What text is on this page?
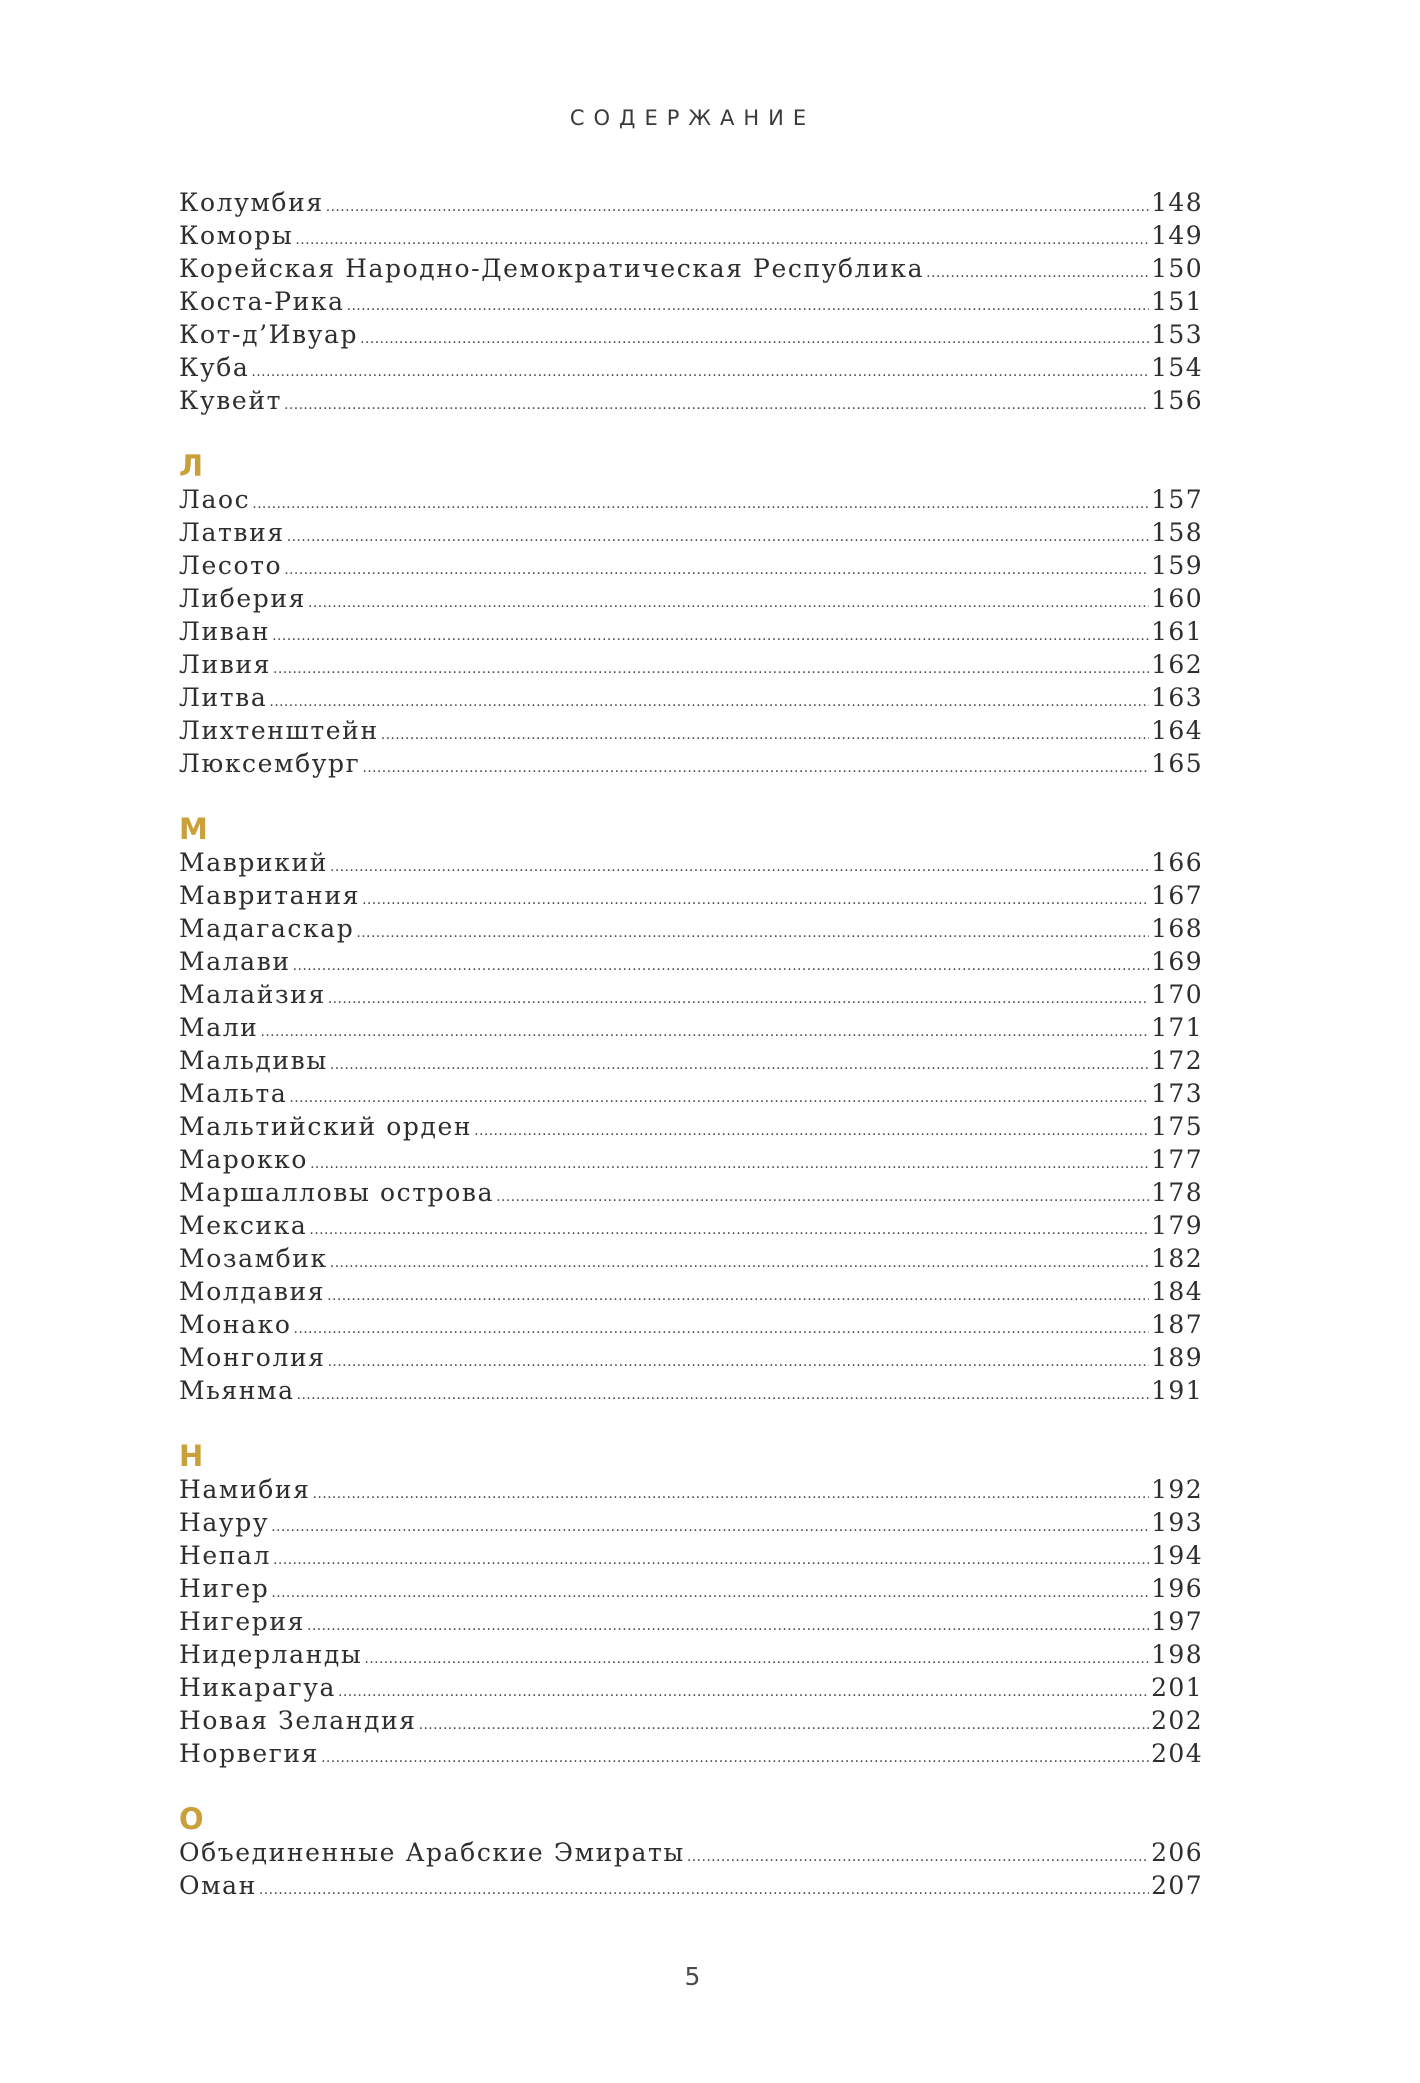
СОДЕРЖАНИЕ
Колумбия .....	148
Коморы .....	149
Корейская Народно-Демократическая Республика .....	150
Коста-Рика .....	151
Кот-д’Ивуар .....	153
Куба .....	154
Кувейт .....	156
Л
Лаос .....	157
Латвия .....	158
Лесото .....	159
Либерия .....	160
Ливан .....	161
Ливия .....	162
Литва .....	163
Лихтенштейн .....	164
Люксембург .....	165
М
Маврикий .....	166
Мавритания .....	167
Мадагаскар .....	168
Малави .....	169
Малайзия .....	170
Мали .....	171
Мальдивы .....	172
Мальта .....	173
Мальтийский орден .....	175
Марокко .....	177
Маршалловы острова .....	178
Мексика .....	179
Мозамбик .....	182
Молдавия .....	184
Монако .....	187
Монголия .....	189
Мьянма .....	191
Н
Намибия .....	192
Науру .....	193
Непал .....	194
Нигер .....	196
Нигерия .....	197
Нидерланды .....	198
Никарагуа .....	201
Новая Зеландия .....	202
Норвегия .....	204
О
Объединенные Арабские Эмираты .....	206
Оман .....	207
5
